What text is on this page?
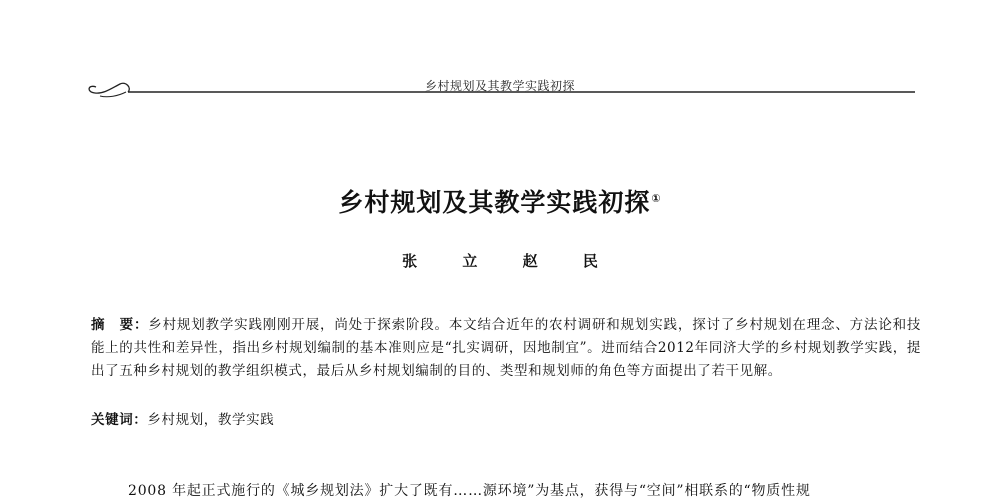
乡村规划及其教学实践初探
乡村规划及其教学实践初探①
张 立 赵 民
摘　要：乡村规划教学实践刚刚开展，尚处于探索阶段。本文结合近年的农村调研和规划实践，探讨了乡村规划在理念、方法论和技能上的共性和差异性，指出乡村规划编制的基本准则应是“扎实调研，因地制宜”。进而结合2012年同济大学的乡村规划教学实践，提出了五种乡村规划的教学组织模式，最后从乡村规划编制的目的、类型和规划师的角色等方面提出了若干见解。
关键词：乡村规划，教学实践
2008 年起正式施行的《城乡规划法》扩大了既有……源环境”为基点，获得与“空间”相联系的“物质性规
